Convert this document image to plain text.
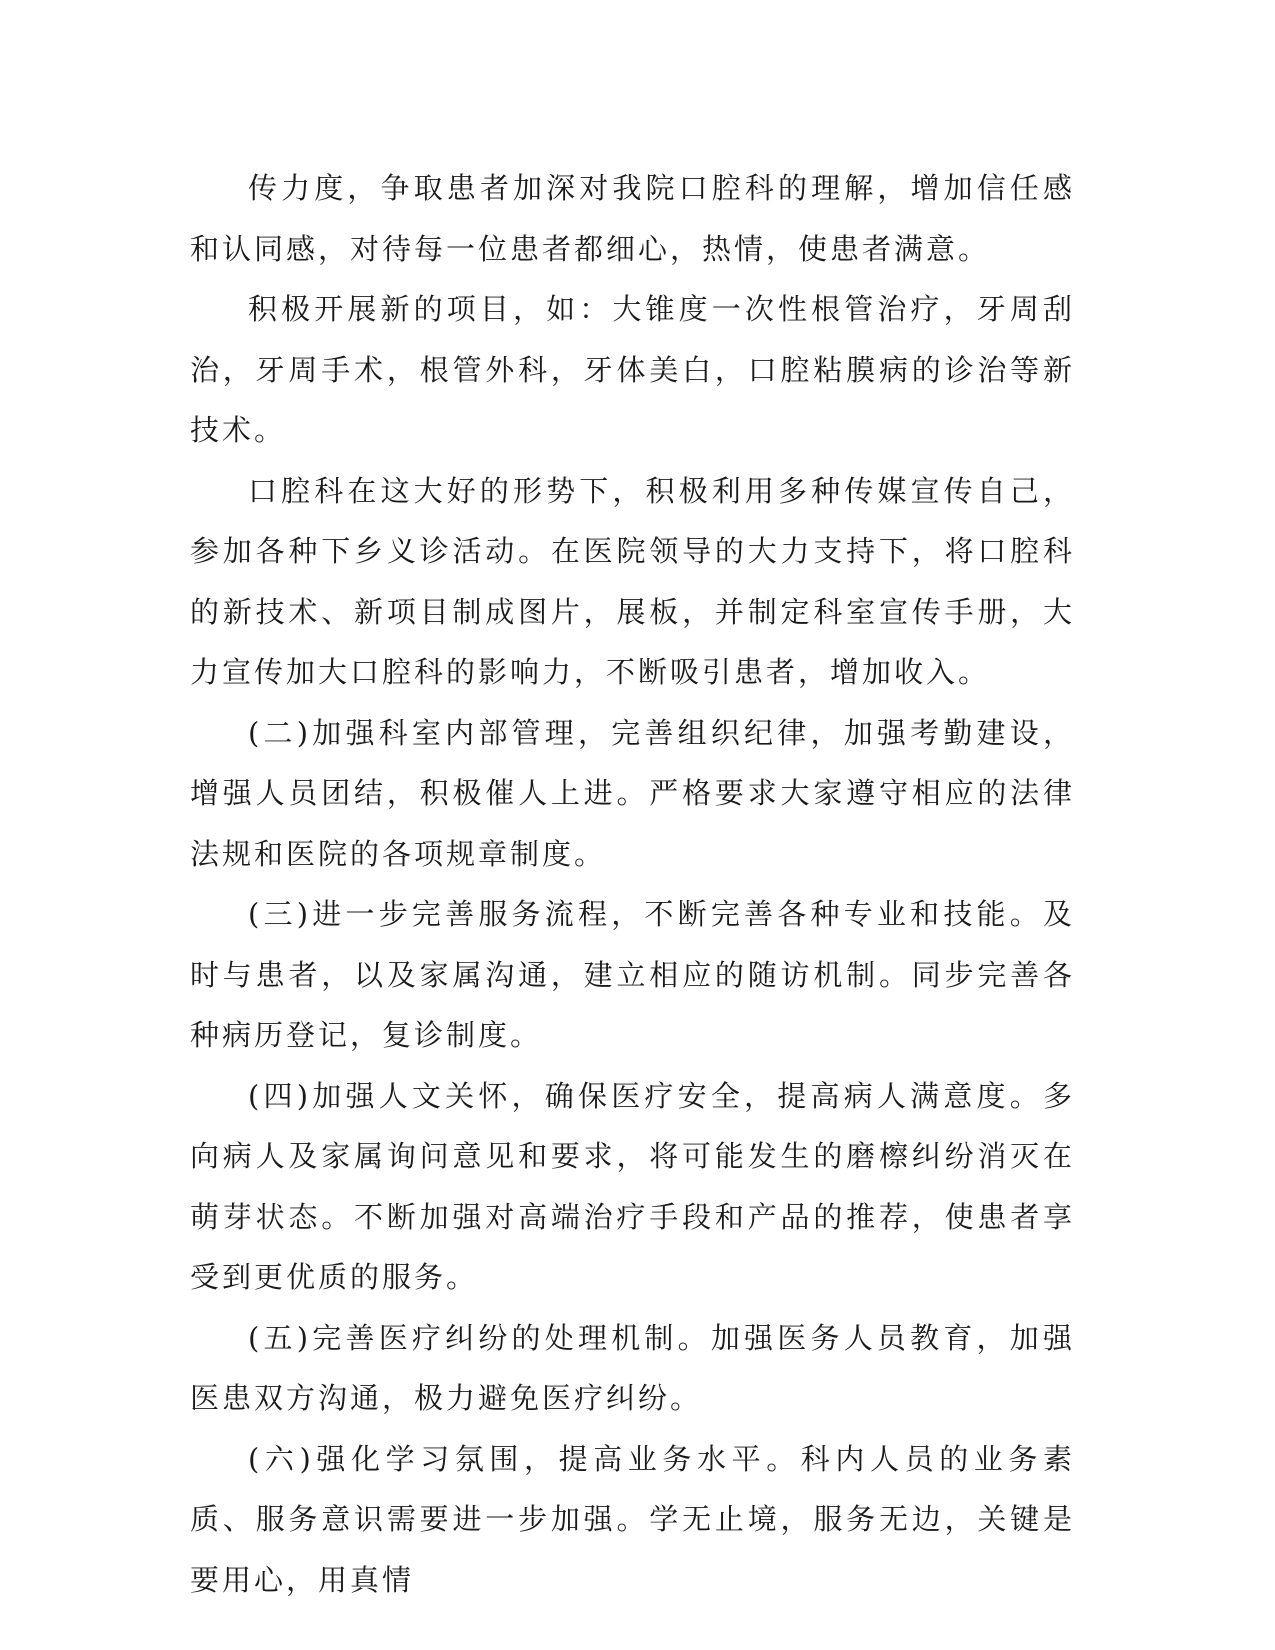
传力度，争取患者加深对我院口腔科的理解，增加信任感和认同感，对待每一位患者都细心，热情，使患者满意。

积极开展新的项目，如：大锥度一次性根管治疗，牙周刮治，牙周手术，根管外科，牙体美白，口腔粘膜病的诊治等新技术。

口腔科在这大好的形势下，积极利用多种传媒宣传自己，参加各种下乡义诊活动。在医院领导的大力支持下，将口腔科的新技术、新项目制成图片，展板，并制定科室宣传手册，大力宣传加大口腔科的影响力，不断吸引患者，增加收入。

(二)加强科室内部管理，完善组织纪律，加强考勤建设，增强人员团结，积极催人上进。严格要求大家遵守相应的法律法规和医院的各项规章制度。

(三)进一步完善服务流程，不断完善各种专业和技能。及时与患者，以及家属沟通，建立相应的随访机制。同步完善各种病历登记，复诊制度。

(四)加强人文关怀，确保医疗安全，提高病人满意度。多向病人及家属询问意见和要求，将可能发生的磨檫纠纷消灭在萌芽状态。不断加强对高端治疗手段和产品的推荐，使患者享受到更优质的服务。

(五)完善医疗纠纷的处理机制。加强医务人员教育，加强医患双方沟通，极力避免医疗纠纷。

(六)强化学习氛围，提高业务水平。科内人员的业务素质、服务意识需要进一步加强。学无止境，服务无边，关键是要用心，用真情
